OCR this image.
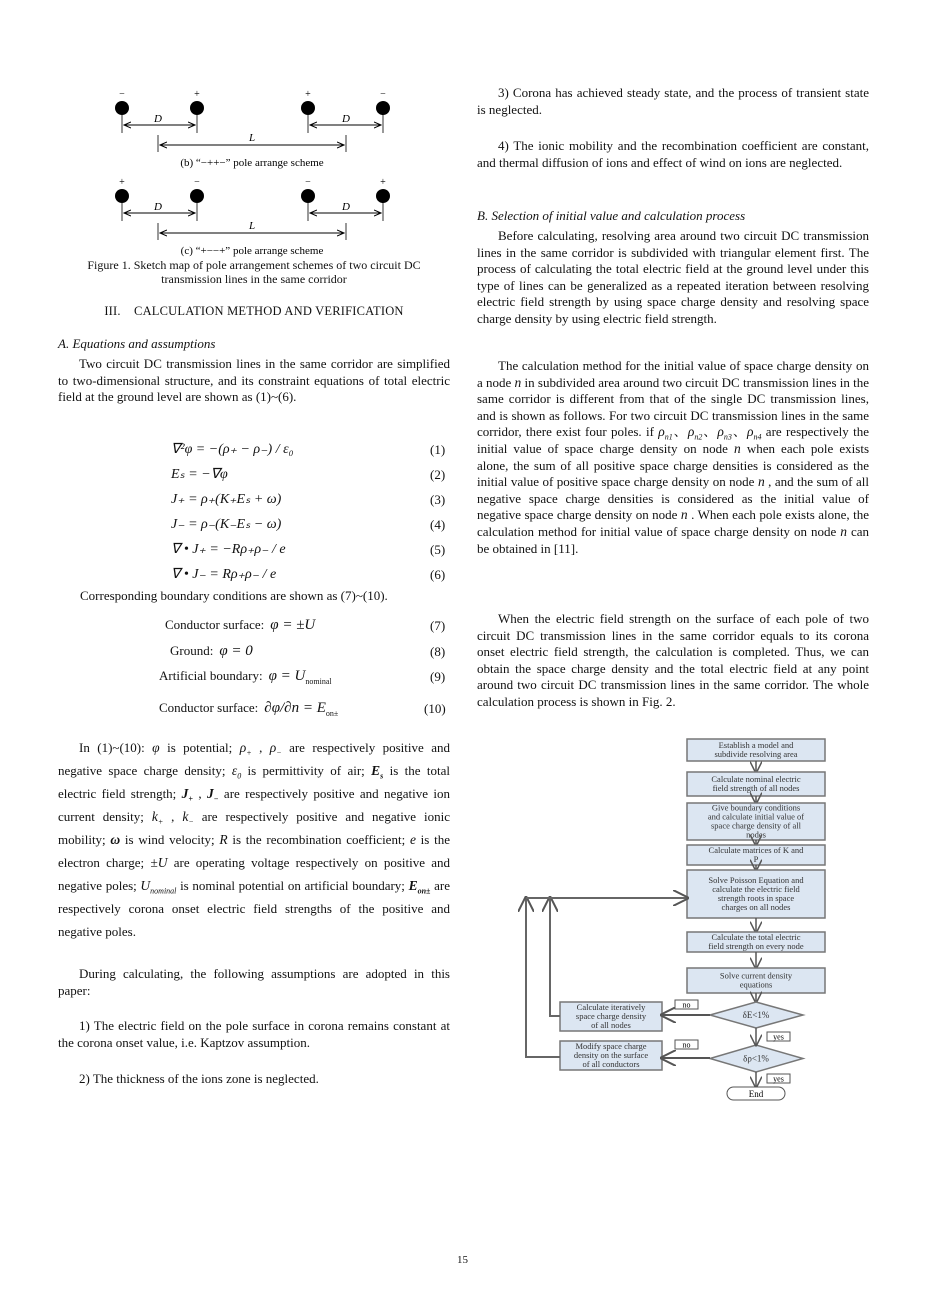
−	+	+	−
D	D
L
(b) “−++−” pole arrange scheme
+	−	−	+
D	D
L
(c) “+−−+” pole arrange scheme
Figure 1. Sketch map of pole arrangement schemes of two circuit DC
transmission lines in the same corridor
III. CALCULATION METHOD AND VERIFICATION
A. Equations and assumptions
Two circuit DC transmission lines in the same corridor are simplified to two-dimensional structure, and its constraint equations of total electric field at the ground level are shown as (1)~(6).
∇²φ = −(ρ₊ − ρ₋) / ε₀	(1)
Eₛ = −∇φ	(2)
J₊ = ρ₊(K₊Eₛ + ω)	(3)
J₋ = ρ₋(K₋Eₛ − ω)	(4)
∇ • J₊ = −Rρ₊ρ₋ / e	(5)
∇ • J₋ = Rρ₊ρ₋ / e	(6)
Corresponding boundary conditions are shown as (7)~(10).
Conductor surface: φ = ±U	(7)
Ground: φ = 0	(8)
Artificial boundary: $\varphi = U_{nominal}$	(9)
Conductor surface: $\partial\varphi/\partial n = E_{on\pm}$	(10)
In (1)~(10): φ is potential; $\rho_+$ , $\rho_-$ are respectively positive and negative space charge density; $\varepsilon_0$ is permittivity of air; $E_s$ is the total electric field strength; $J_+$ , $J_-$ are respectively positive and negative ion current density; $k_+$ , $k_-$ are respectively positive and negative ionic mobility; ω is wind velocity; R is the recombination coefficient; e is the electron charge; ±U are operating voltage respectively on positive and negative poles; $U_{nominal}$ is nominal potential on artificial boundary; $E_{on\pm}$ are respectively corona onset electric field strengths of the positive and negative poles.
During calculating, the following assumptions are adopted in this paper:
1) The electric field on the pole surface in corona remains constant at the corona onset value, i.e. Kaptzov assumption.
2) The thickness of the ions zone is neglected.
3) Corona has achieved steady state, and the process of transient state is neglected.
4) The ionic mobility and the recombination coefficient are constant, and thermal diffusion of ions and effect of wind on ions are neglected.
B. Selection of initial value and calculation process
Before calculating, resolving area around two circuit DC transmission lines in the same corridor is subdivided with triangular element first. The process of calculating the total electric field at the ground level under this type of lines can be generalized as a repeated iteration between resolving electric field strength by using space charge density and resolving space charge density by using electric field strength.
The calculation method for the initial value of space charge density on a node n in subdivided area around two circuit DC transmission lines in the same corridor is different from that of the single DC transmission lines, and is shown as follows. For two circuit DC transmission lines in the same corridor, there exist four poles. if $\rho_{n1}$、$\rho_{n2}$、$\rho_{n3}$、$\rho_{n4}$ are respectively the initial value of space charge density on node n when each pole exists alone, the sum of all positive space charge densities is considered as the initial value of positive space charge density on node n , and the sum of all negative space charge densities is considered as the initial value of negative space charge density on node n . When each pole exists alone, the calculation method for initial value of space charge density on node n can be obtained in [11].
When the electric field strength on the surface of each pole of two circuit DC transmission lines in the same corridor equals to its corona onset electric field strength, the calculation is completed. Thus, we can obtain the space charge density and the total electric field at any point around two circuit DC transmission lines in the same corridor. The whole calculation process is shown in Fig. 2.
Establish a model and
subdivide resolving area
Calculate nominal electric
field strength of all nodes
Give boundary conditions
and calculate initial value of
space charge density of all
nodes
Calculate matrices of K and
P
Solve Poisson Equation and
calculate the electric field
strength roots in space
charges on all nodes
Calculate the total electric
field strength on every node
Solve current density
equations
δE<1%
δρ<1%
End
Calculate iteratively
space charge density
of all nodes
Modify space charge
density on the surface
of all conductors
no
no
yes
yes
15
